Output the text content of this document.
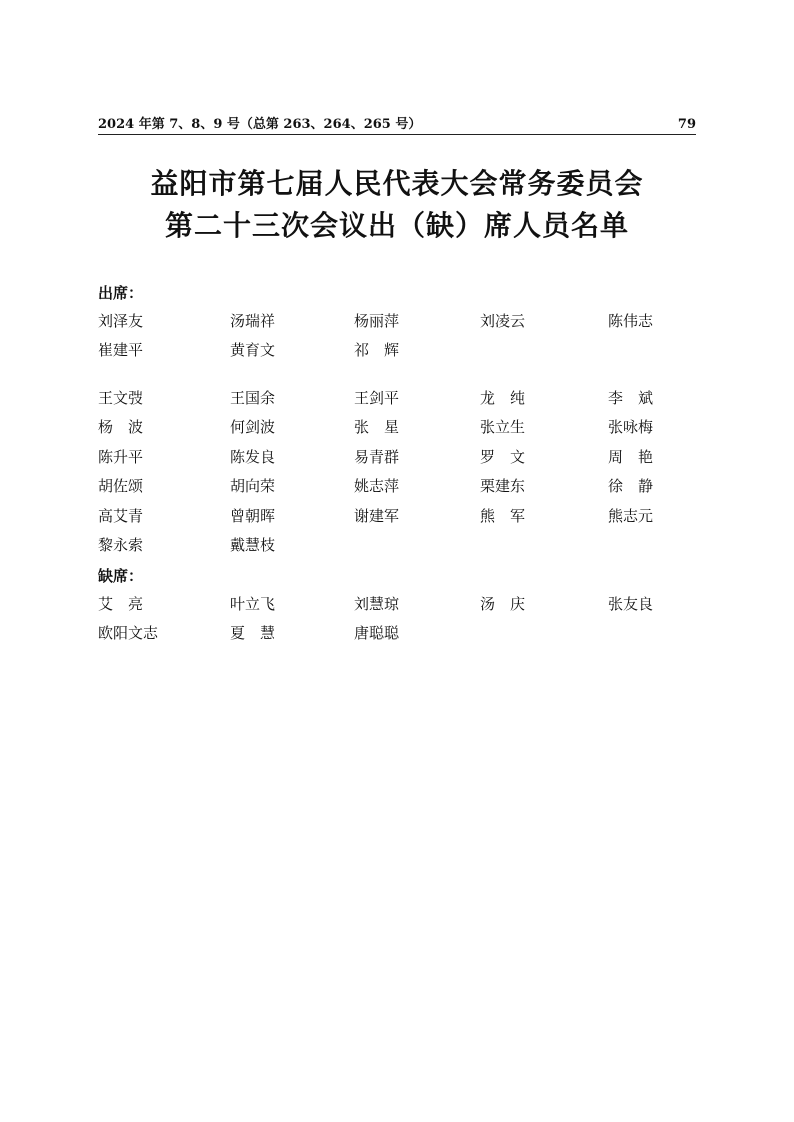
2024 年第 7、8、9 号（总第 263、264、265 号）	79
益阳市第七届人民代表大会常务委员会
第二十三次会议出（缺）席人员名单
出席：
刘泽友	汤瑞祥	杨丽萍	刘凌云	陈伟志
崔建平	黄育文	祁　辉
王文弢	王国余	王剑平	龙　纯	李　斌
杨　波	何剑波	张　星	张立生	张咏梅
陈升平	陈发良	易青群	罗　文	周　艳
胡佐颂	胡向荣	姚志萍	栗建东	徐　静
高艾青	曾朝晖	谢建军	熊　军	熊志元
黎永索	戴慧枝
缺席：
艾　亮	叶立飞	刘慧琼	汤　庆	张友良
欧阳文志	夏　慧	唐聪聪
